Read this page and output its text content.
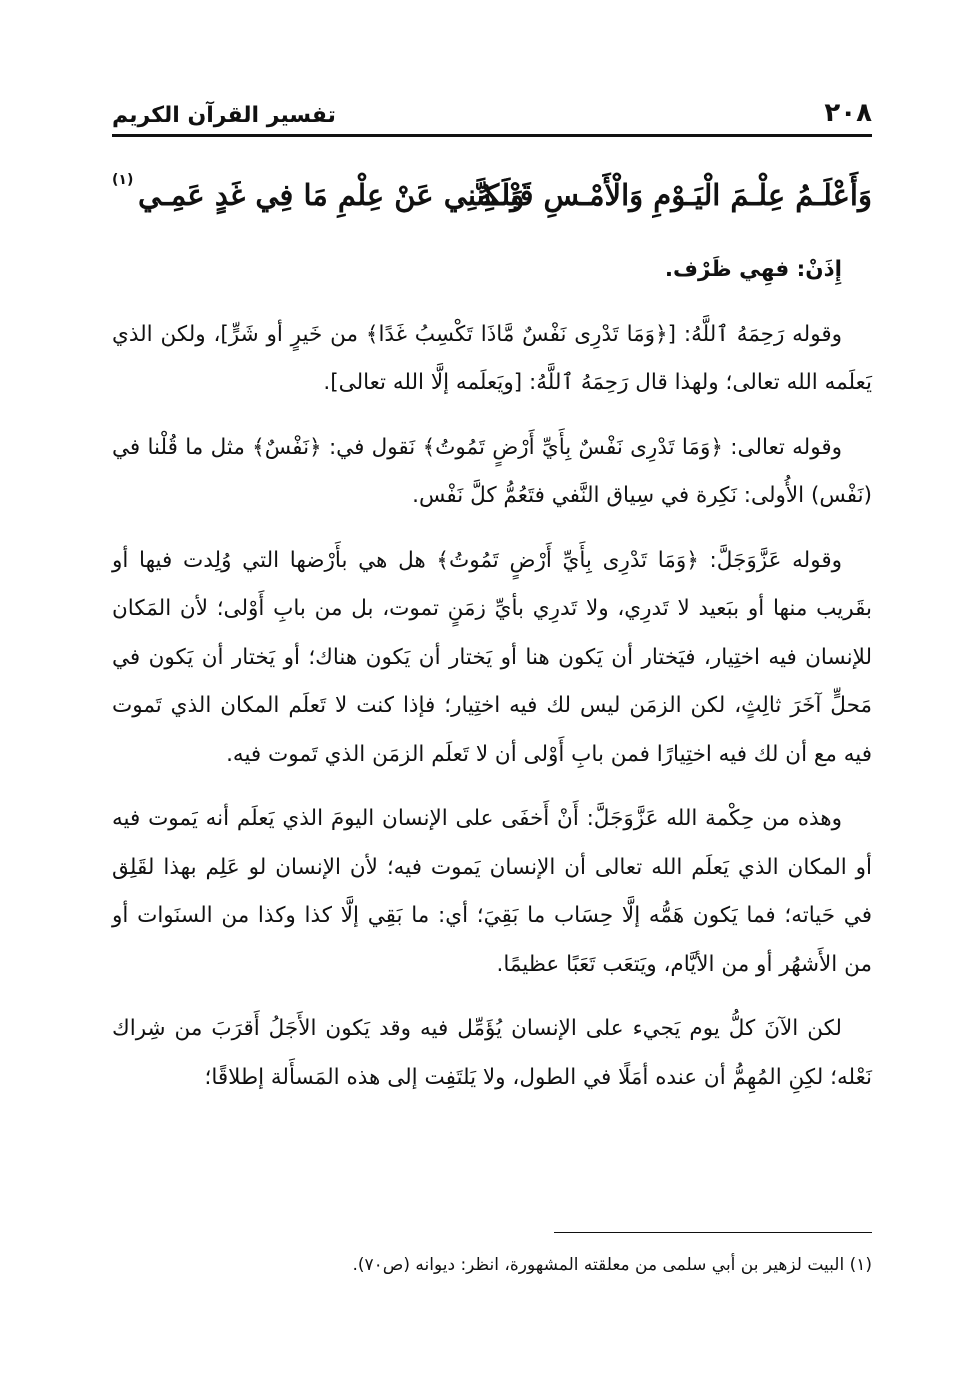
٢٠٨
تفسير القرآن الكريم
وَأَعْلَـمُ عِلْـمَ الْيَـوْمِ وَالْأَمْـسِ قَبْلَـهُ
وَلَكِنَّنِي عَنْ عِلْمِ مَا فِي غَدٍ عَمِـي
(١)

إِذَنْ: فهِي ظَرْف.

وقوله رَحِمَهُ ٱللَّهُ: [﴿وَمَا تَدْرِى نَفْسٌ مَّاذَا تَكْسِبُ غَدًا﴾ من خَيرٍ أو شَرٍّ]، ولكن الذي يَعلَمه الله تعالى؛ ولهذا قال رَحِمَهُ ٱللَّهُ: [ويَعلَمه إلَّا الله تعالى].

وقوله تعالى: ﴿وَمَا تَدْرِى نَفْسٌ بِأَيِّ أَرْضٍ تَمُوتُ﴾ نَقول في: ﴿نَفْسٌ﴾ مثل ما قُلْنا في (نَفْس) الأُولى: نَكِرة في سِياق النَّفي فتَعُمُّ كلَّ نَفْس.

وقوله عَزَّوَجَلَّ: ﴿وَمَا تَدْرِى بِأَيِّ أَرْضٍ تَمُوتُ﴾ هل هي بأَرْضها التي وُلِدت فيها أو بقَريب منها أو ببَعيد لا تَدرِي، ولا تَدرِي بأيِّ زمَنٍ تموت، بل من بابِ أَوْلى؛ لأن المَكان للإنسان فيه اختِيار، فيَختار أن يَكون هنا أو يَختار أن يَكون هناك؛ أو يَختار أن يَكون في مَحلٍّ آخَرَ ثالِثٍ، لكن الزمَن ليس لك فيه اختِيار؛ فإذا كنت لا تَعلَم المكان الذي تَموت فيه مع أن لك فيه اختِيارًا فمن بابِ أَوْلى أن لا تَعلَم الزمَن الذي تَموت فيه.

وهذه من حِكْمة الله عَزَّوَجَلَّ: أَنْ أَخفَى على الإنسان اليومَ الذي يَعلَم أنه يَموت فيه أو المكان الذي يَعلَم الله تعالى أن الإنسان يَموت فيه؛ لأن الإنسان لو عَلِم بهذا لقَلِق في حَياته؛ فما يَكون هَمُّه إلَّا حِسَاب ما بَقِيَ؛ أي: ما بَقِي إلَّا كذا وكذا من السنَوات أو من الأَشهُر أو من الأيَّام، ويَتعَب تَعَبًا عظيمًا.

لكن الآنَ كلُّ يوم يَجيء على الإنسان يُؤَمِّل فيه وقد يَكون الأَجَلُ أَقرَبَ من شِراك نَعْله؛ لكِنِ المُهِمُّ أن عنده أمَلًا في الطول، ولا يَلتَفِت إلى هذه المَسأَلة إطلاقًا؛

(١) البيت لزهير بن أبي سلمى من معلقته المشهورة، انظر: ديوانه (ص٧٠).
